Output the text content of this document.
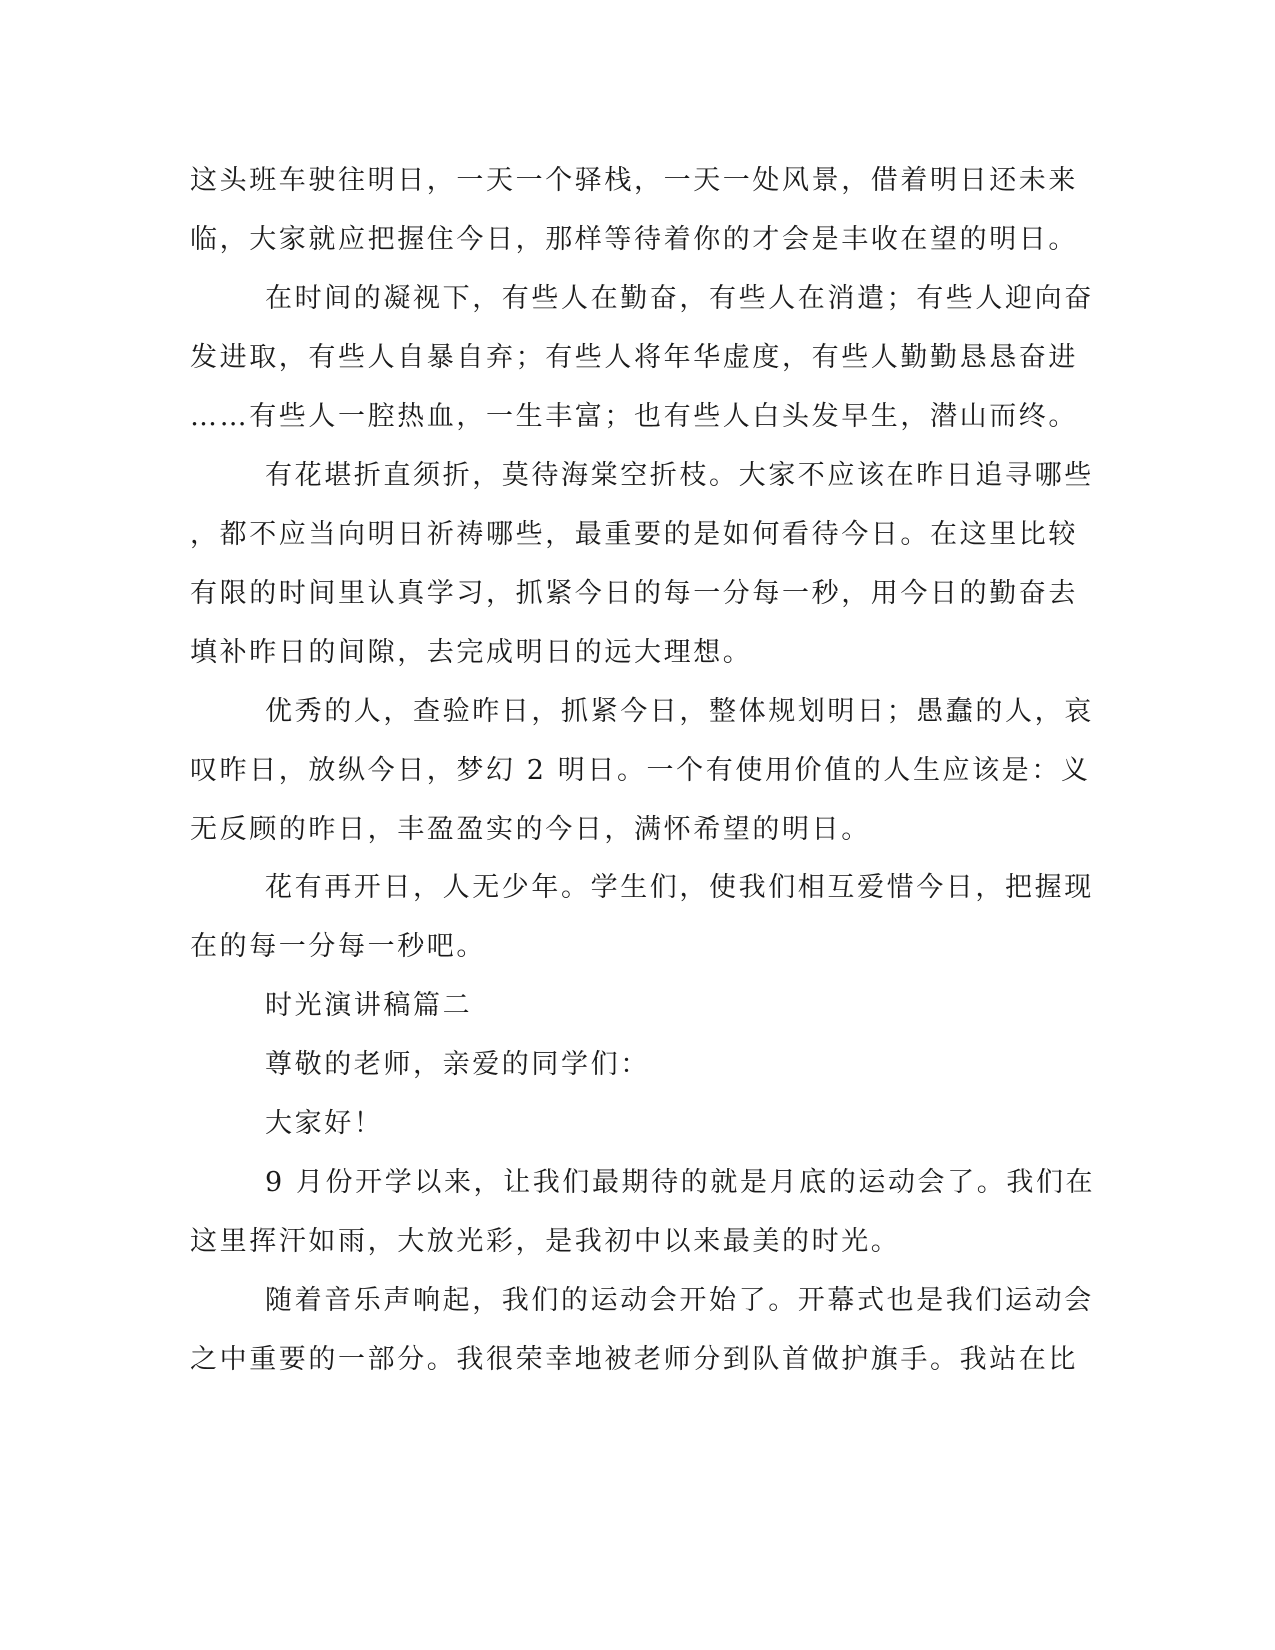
这头班车驶往明日，一天一个驿栈，一天一处风景，借着明日还未来
临，大家就应把握住今日，那样等待着你的才会是丰收在望的明日。
在时间的凝视下，有些人在勤奋，有些人在消遣；有些人迎向奋
发进取，有些人自暴自弃；有些人将年华虚度，有些人勤勤恳恳奋进
……有些人一腔热血，一生丰富；也有些人白头发早生，潜山而终。
有花堪折直须折，莫待海棠空折枝。大家不应该在昨日追寻哪些
，都不应当向明日祈祷哪些，最重要的是如何看待今日。在这里比较
有限的时间里认真学习，抓紧今日的每一分每一秒，用今日的勤奋去
填补昨日的间隙，去完成明日的远大理想。
优秀的人，查验昨日，抓紧今日，整体规划明日；愚蠢的人，哀
叹昨日，放纵今日，梦幻 2 明日。一个有使用价值的人生应该是：义
无反顾的昨日，丰盈盈实的今日，满怀希望的明日。
花有再开日，人无少年。学生们，使我们相互爱惜今日，把握现
在的每一分每一秒吧。
时光演讲稿篇二
尊敬的老师，亲爱的同学们：
大家好！
9 月份开学以来，让我们最期待的就是月底的运动会了。我们在
这里挥汗如雨，大放光彩，是我初中以来最美的时光。
随着音乐声响起，我们的运动会开始了。开幕式也是我们运动会
之中重要的一部分。我很荣幸地被老师分到队首做护旗手。我站在比
